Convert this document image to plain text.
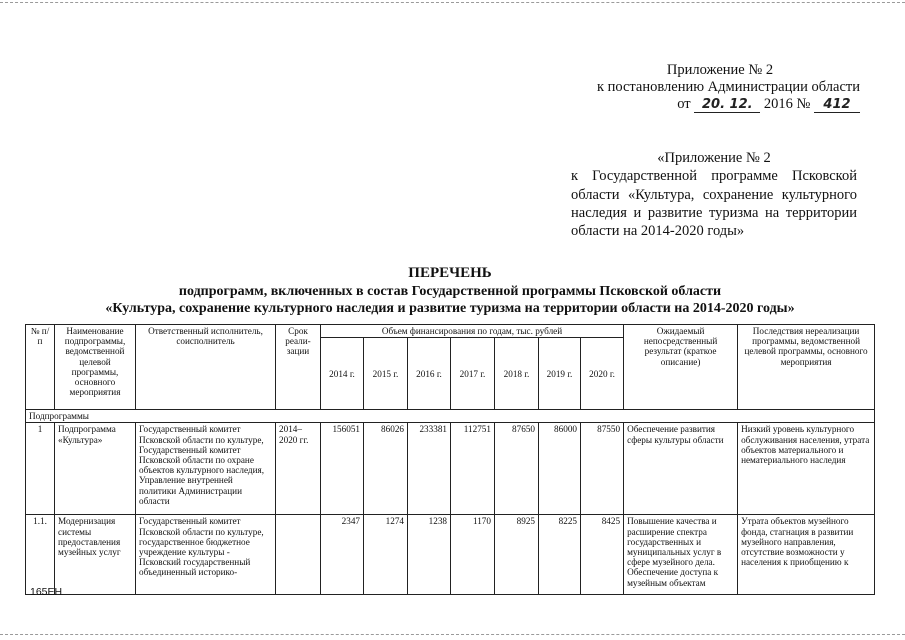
Приложение № 2
к постановлению Администрации области
от 20. 12. 2016 № 412
«Приложение № 2
к Государственной программе Псковской области «Культура, сохранение культурного наследия и развитие туризма на территории области на 2014-2020 годы»
ПЕРЕЧЕНЬ
подпрограмм, включенных в состав Государственной программы Псковской области
«Культура, сохранение культурного наследия и развитие туризма на территории области на 2014-2020 годы»
№ п/п	Наименование подпрограммы, ведомственной целевой программы, основного мероприятия	Ответственный исполнитель, соисполнитель	Срок реали-зации	Объем финансирования по годам, тыс. рублей							Ожидаемый непосредственный результат (краткое описание)	Последствия нереализации программы, ведомственной целевой программы, основного мероприятия
				2014 г.	2015 г.	2016 г.	2017 г.	2018 г.	2019 г.	2020 г.		
Подпрограммы												
1	Подпрограмма «Культура»	Государственный комитет Псковской области по культуре, Государственный комитет Псковской области по охране объектов культурного наследия, Управление внутренней политики Администрации области	2014–2020 гг.	156051	86026	233381	112751	87650	86000	87550	Обеспечение развития сферы культуры области	Низкий уровень культурного обслуживания населения, утрата объектов материального и нематериального наследия
1.1.	Модернизация системы предоставления музейных услуг	Государственный комитет Псковской области по культуре, государственное бюджетное учреждение культуры - Псковский государственный объединенный историко-		2347	1274	1238	1170	8925	8225	8425	Повышение качества и расширение спектра государственных и муниципальных услуг в сфере музейного дела. Обеспечение доступа к музейным объектам	Утрата объектов музейного фонда, стагнация в развитии музейного направления, отсутствие возможности у населения к приобщению к
165ЕН
